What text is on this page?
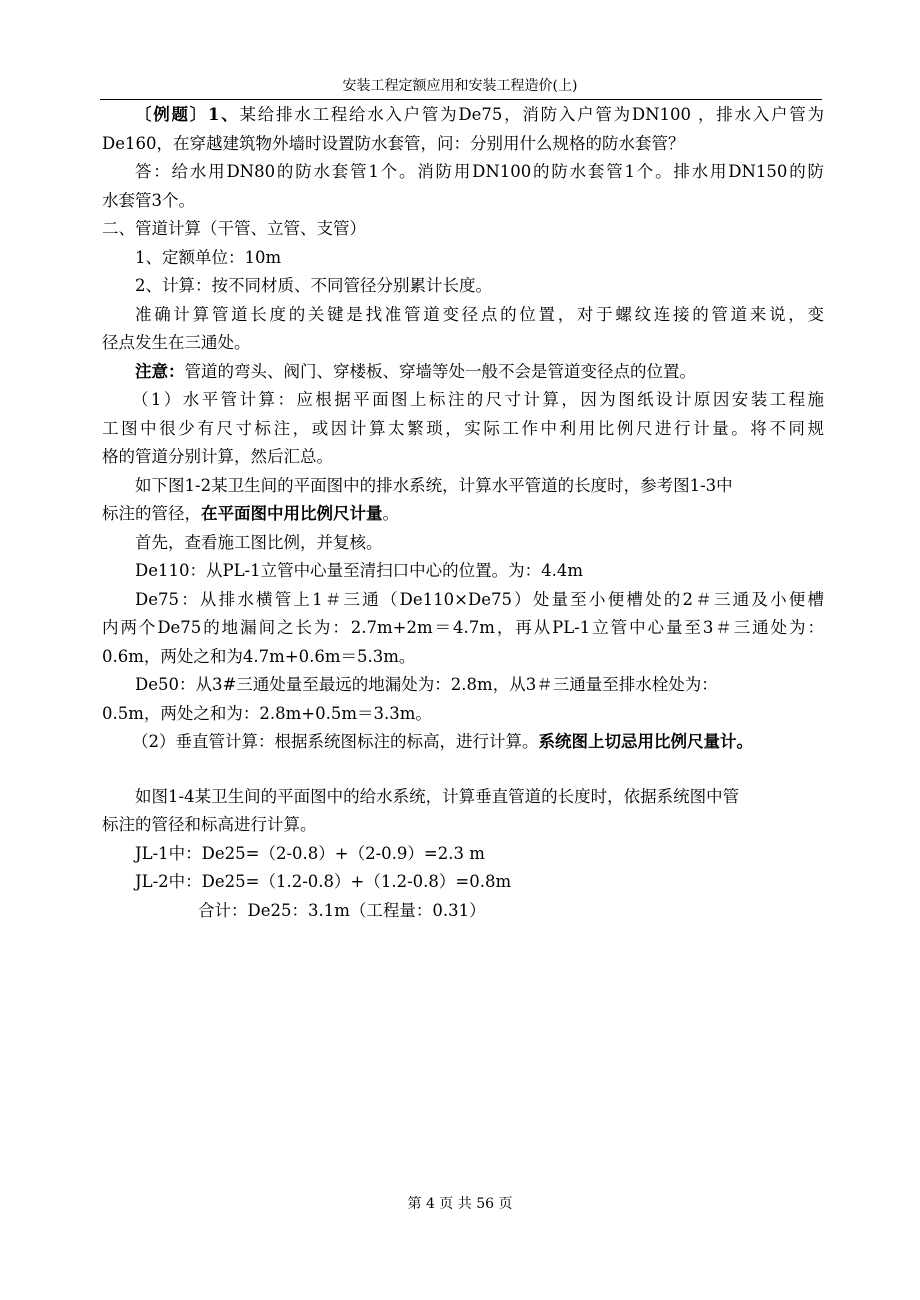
安装工程定额应用和安装工程造价(上)
〔例题〕1、某给排水工程给水入户管为De75，消防入户管为DN100 ，排水入户管为
De160，在穿越建筑物外墙时设置防水套管，问：分别用什么规格的防水套管？
答：给水用DN80的防水套管1个。消防用DN100的防水套管1个。排水用DN150的防
水套管3个。
二、管道计算（干管、立管、支管）
1、定额单位：10m
2、计算：按不同材质、不同管径分别累计长度。
准确计算管道长度的关键是找准管道变径点的位置，对于螺纹连接的管道来说，变
径点发生在三通处。
注意：管道的弯头、阀门、穿楼板、穿墙等处一般不会是管道变径点的位置。
（1）水平管计算：应根据平面图上标注的尺寸计算，因为图纸设计原因安装工程施
工图中很少有尺寸标注，或因计算太繁琐，实际工作中利用比例尺进行计量。将不同规
格的管道分别计算，然后汇总。
如下图1-2某卫生间的平面图中的排水系统，计算水平管道的长度时，参考图1-3中
标注的管径，在平面图中用比例尺计量。
首先，查看施工图比例，并复核。
De110：从PL-1立管中心量至清扫口中心的位置。为：4.4m
De75：从排水横管上1＃三通（De110×De75）处量至小便槽处的2＃三通及小便槽
内两个De75的地漏间之长为：2.7m+2m＝4.7m，再从PL-1立管中心量至3＃三通处为：
0.6m，两处之和为4.7m+0.6m＝5.3m。
De50：从3#三通处量至最远的地漏处为：2.8m，从3＃三通量至排水栓处为：
0.5m，两处之和为：2.8m+0.5m＝3.3m。
（2）垂直管计算：根据系统图标注的标高，进行计算。系统图上切忌用比例尺量计。
如图1-4某卫生间的平面图中的给水系统，计算垂直管道的长度时，依据系统图中管
标注的管径和标高进行计算。
JL-1中：De25=（2-0.8）+（2-0.9）=2.3 m
JL-2中：De25=（1.2-0.8）+（1.2-0.8）=0.8m
合计：De25：3.1m（工程量：0.31）
第 4 页 共 56 页
